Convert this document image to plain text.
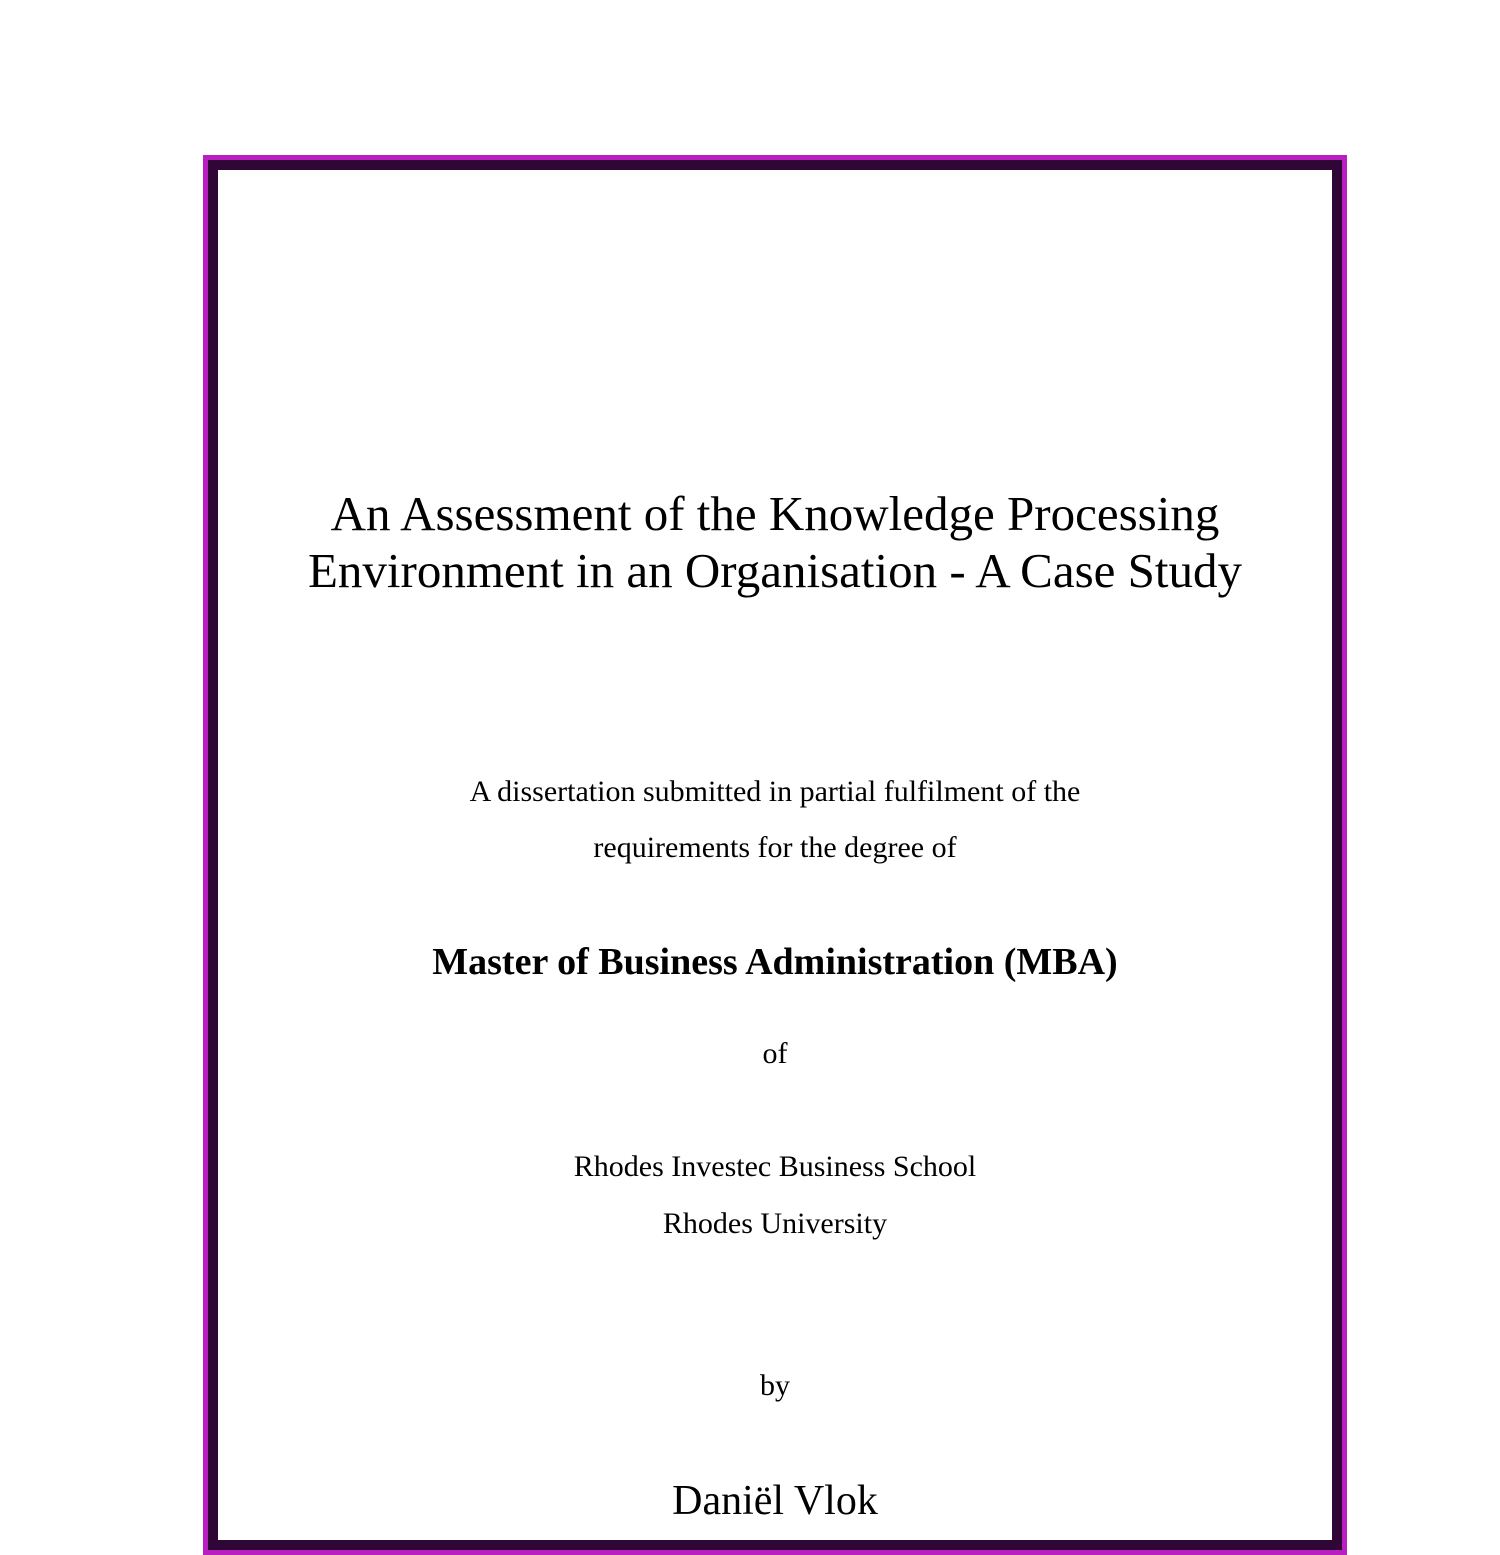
An Assessment of the Knowledge Processing
Environment in an Organisation - A Case Study
A dissertation submitted in partial fulfilment of the
requirements for the degree of
Master of Business Administration (MBA)
of
Rhodes Investec Business School
Rhodes University
by
Daniël Vlok
